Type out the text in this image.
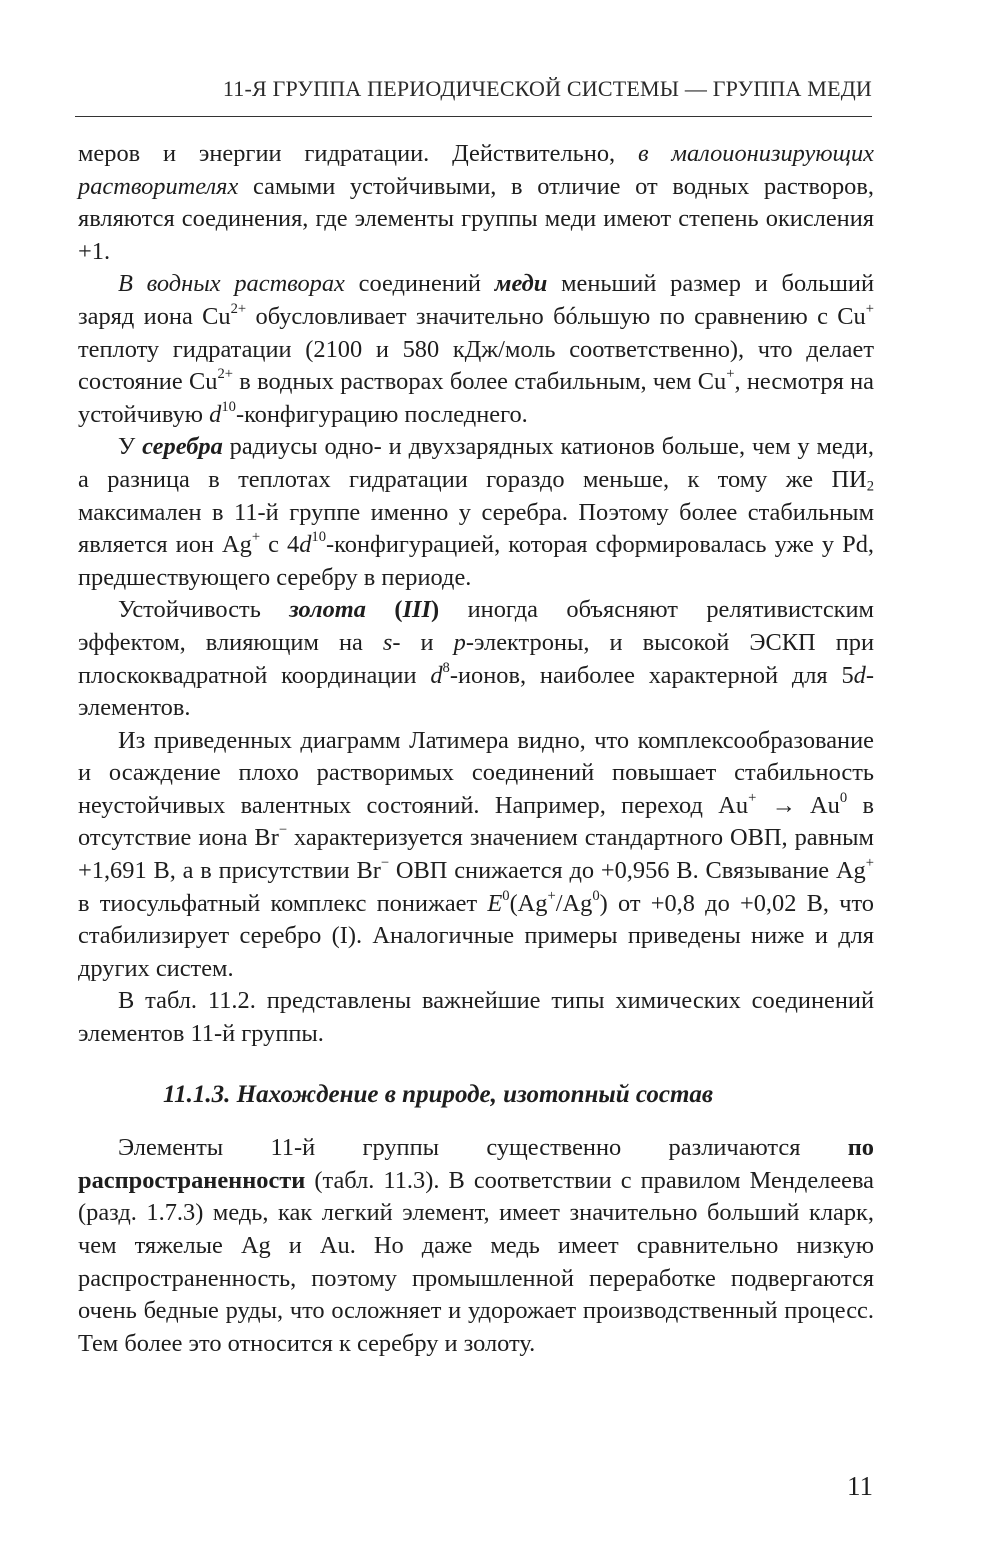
11-Я ГРУППА ПЕРИОДИЧЕСКОЙ СИСТЕМЫ — ГРУППА МЕДИ

меров и энергии гидратации. Действительно, в малоионизирующих растворителях самыми устойчивыми, в отличие от водных растворов, являются соединения, где элементы группы меди имеют степень окисления +1.

В водных растворах соединений меди меньший размер и больший заряд иона $Cu^{2+}$ обусловливает значительно бóльшую по сравнению с Cu+ теплоту гидратации (2100 и 580 кДж/моль соответственно), что делает состояние $Cu^{2+}$ в водных растворах более стабильным, чем Cu+, несмотря на устойчивую $d^{10}$-конфигурацию последнего.

У серебра радиусы одно- и двухзарядных катионов больше, чем у меди, а разница в теплотах гидратации гораздо меньше, к тому же $ПИ_2$ максимален в 11-й группе именно у серебра. Поэтому более стабильным является ион Ag+ с $4d^{10}$-конфигурацией, которая сформировалась уже у Pd, предшествующего серебру в периоде.

Устойчивость золота (III) иногда объясняют релятивистским эффектом, влияющим на s- и p-электроны, и высокой ЭСКП при плоскоквадратной координации $d^8$-ионов, наиболее характерной для 5d-элементов.

Из приведенных диаграмм Латимера видно, что комплексообразование и осаждение плохо растворимых соединений повышает стабильность неустойчивых валентных состояний. Например, переход $Au^+ \to Au^0$ в отсутствие иона Br− характеризуется значением стандартного ОВП, равным +1,691 В, а в присутствии Br− ОВП снижается до +0,956 В. Связывание Ag+ в тиосульфатный комплекс понижает $E^0(Ag^+/Ag^0)$ от +0,8 до +0,02 В, что стабилизирует серебро (I). Аналогичные примеры приведены ниже и для других систем.

В табл. 11.2. представлены важнейшие типы химических соединений элементов 11-й группы.

11.1.3. Нахождение в природе, изотопный состав

Элементы 11-й группы существенно различаются по распространенности (табл. 11.3). В соответствии с правилом Менделеева (разд. 1.7.3) медь, как легкий элемент, имеет значительно больший кларк, чем тяжелые Ag и Au. Но даже медь имеет сравнительно низкую распространенность, поэтому промышленной переработке подвергаются очень бедные руды, что осложняет и удорожает производственный процесс. Тем более это относится к серебру и золоту.

11
